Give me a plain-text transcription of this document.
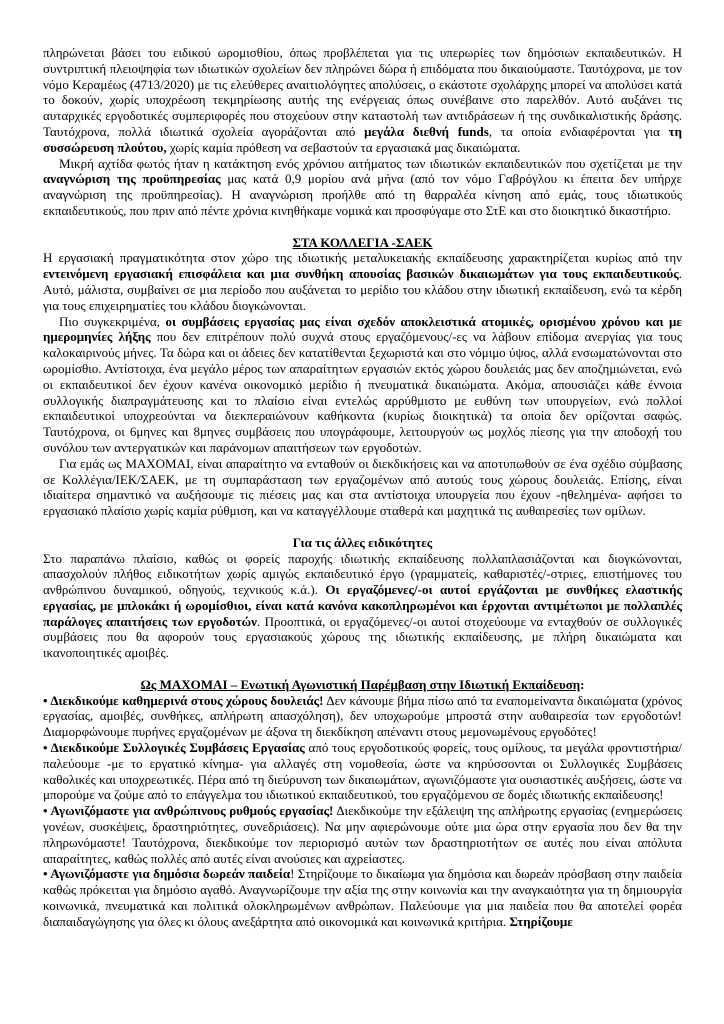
πληρώνεται βάσει του ειδικού ωρομισθίου, όπως προβλέπεται για τις υπερωρίες των δημόσιων εκπαιδευτικών. Η συντριπτική πλειοψηφία των ιδιωτικών σχολείων δεν πληρώνει δώρα ή επιδόματα που δικαιούμαστε. Ταυτόχρονα, με τον νόμο Κεραμέως (4713/2020) με τις ελεύθερες αναιτιολόγητες απολύσεις, ο εκάστοτε σχολάρχης μπορεί να απολύσει κατά το δοκούν, χωρίς υποχρέωση τεκμηρίωσης αυτής της ενέργειας όπως συνέβαινε στο παρελθόν. Αυτό αυξάνει τις αυταρχικές εργοδοτικές συμπεριφορές που στοχεύουν στην καταστολή των αντιδράσεων ή της συνδικαλιστικής δράσης. Ταυτόχρονα, πολλά ιδιωτικά σχολεία αγοράζονται από μεγάλα διεθνή funds, τα οποία ενδιαφέρονται για τη συσσώρευση πλούτου, χωρίς καμία πρόθεση να σεβαστούν τα εργασιακά μας δικαιώματα.
Μικρή αχτίδα φωτός ήταν η κατάκτηση ενός χρόνιου αιτήματος των ιδιωτικών εκπαιδευτικών που σχετίζεται με την αναγνώριση της προϋπηρεσίας μας κατά 0,9 μορίου ανά μήνα (από τον νόμο Γαβρόγλου κι έπειτα δεν υπήρχε αναγνώριση της προϋπηρεσίας). Η αναγνώριση προήλθε από τη θαρραλέα κίνηση από εμάς, τους ιδιωτικούς εκπαιδευτικούς, που πριν από πέντε χρόνια κινηθήκαμε νομικά και προσφύγαμε στο ΣτΕ και στο διοικητικό δικαστήριο.
ΣΤΑ ΚΟΛΛΕΓΙΑ -ΣΑΕΚ
Η εργασιακή πραγματικότητα στον χώρο της ιδιωτικής μεταλυκειακής εκπαίδευσης χαρακτηρίζεται κυρίως από την εντεινόμενη εργασιακή επισφάλεια και μια συνθήκη απουσίας βασικών δικαιωμάτων για τους εκπαιδευτικούς. Αυτό, μάλιστα, συμβαίνει σε μια περίοδο που αυξάνεται το μερίδιο του κλάδου στην ιδιωτική εκπαίδευση, ενώ τα κέρδη για τους επιχειρηματίες του κλάδου διογκώνονται.
Πιο συγκεκριμένα, οι συμβάσεις εργασίας μας είναι σχεδόν αποκλειστικά ατομικές, ορισμένου χρόνου και με ημερομηνίες λήξης που δεν επιτρέπουν πολύ συχνά στους εργαζόμενους/-ες να λάβουν επίδομα ανεργίας για τους καλοκαιρινούς μήνες. Τα δώρα και οι άδειες δεν κατατίθενται ξεχωριστά και στο νόμιμο ύψος, αλλά ενσωματώνονται στο ωρομίσθιο. Αντίστοιχα, ένα μεγάλο μέρος των απαραίτητων εργασιών εκτός χώρου δουλειάς μας δεν αποζημιώνεται, ενώ οι εκπαιδευτικοί δεν έχουν κανένα οικονομικό μερίδιο ή πνευματικά δικαιώματα. Ακόμα, απουσιάζει κάθε έννοια συλλογικής διαπραγμάτευσης και το πλαίσιο είναι εντελώς αρρύθμιστο με ευθύνη των υπουργείων, ενώ πολλοί εκπαιδευτικοί υποχρεούνται να διεκπεραιώνουν καθήκοντα (κυρίως διοικητικά) τα οποία δεν ορίζονται σαφώς. Ταυτόχρονα, οι 6μηνες και 8μηνες συμβάσεις που υπογράφουμε, λειτουργούν ως μοχλός πίεσης για την αποδοχή του συνόλου των αντεργατικών και παράνομων απαιτήσεων των εργοδοτών.
Για εμάς ως ΜΑΧΟΜΑΙ, είναι απαραίτητο να ενταθούν οι διεκδικήσεις και να αποτυπωθούν σε ένα σχέδιο σύμβασης σε Κολλέγια/ΙΕΚ/ΣΑΕΚ, με τη συμπαράσταση των εργαζομένων από αυτούς τους χώρους δουλειάς. Επίσης, είναι ιδιαίτερα σημαντικό να αυξήσουμε τις πιέσεις μας και στα αντίστοιχα υπουργεία που έχουν -ηθελημένα- αφήσει το εργασιακό πλαίσιο χωρίς καμία ρύθμιση, και να καταγγέλλουμε σταθερά και μαχητικά τις αυθαιρεσίες των ομίλων.
Για τις άλλες ειδικότητες
Στο παραπάνω πλαίσιο, καθώς οι φορείς παροχής ιδιωτικής εκπαίδευσης πολλαπλασιάζονται και διογκώνονται, απασχολούν πλήθος ειδικοτήτων χωρίς αμιγώς εκπαιδευτικό έργο (γραμματείς, καθαριστές/-στριες, επιστήμονες του ανθρώπινου δυναμικού, οδηγούς, τεχνικούς κ.ά.). Οι εργαζόμενες/-οι αυτοί εργάζονται με συνθήκες ελαστικής εργασίας, με μπλοκάκι ή ωρομίσθιοι, είναι κατά κανόνα κακοπληρωμένοι και έρχονται αντιμέτωποι με πολλαπλές παράλογες απαιτήσεις των εργοδοτών. Προοπτικά, οι εργαζόμενες/-οι αυτοί στοχεύουμε να ενταχθούν σε συλλογικές συμβάσεις που θα αφορούν τους εργασιακούς χώρους της ιδιωτικής εκπαίδευσης, με πλήρη δικαιώματα και ικανοποιητικές αμοιβές.
Ως ΜΑΧΟΜΑΙ – Ενωτική Αγωνιστική Παρέμβαση στην Ιδιωτική Εκπαίδευση:
• Διεκδικούμε καθημερινά στους χώρους δουλειάς! Δεν κάνουμε βήμα πίσω από τα εναπομείναντα δικαιώματα (χρόνος εργασίας, αμοιβές, συνθήκες, απλήρωτη απασχόληση), δεν υποχωρούμε μπροστά στην αυθαιρεσία των εργοδοτών! Διαμορφώνουμε πυρήνες εργαζομένων με άξονα τη διεκδίκηση απέναντι στους μεμονωμένους εργοδότες!
• Διεκδικούμε Συλλογικές Συμβάσεις Εργασίας από τους εργοδοτικούς φορείς, τους ομίλους, τα μεγάλα φροντιστήρια/παλεύουμε -με το εργατικό κίνημα- για αλλαγές στη νομοθεσία, ώστε να κηρύσσονται οι Συλλογικές Συμβάσεις καθολικές και υποχρεωτικές. Πέρα από τη διεύρυνση των δικαιωμάτων, αγωνιζόμαστε για ουσιαστικές αυξήσεις, ώστε να μπορούμε να ζούμε από το επάγγελμα του ιδιωτικού εκπαιδευτικού, του εργαζόμενου σε δομές ιδιωτικής εκπαίδευσης!
• Αγωνιζόμαστε για ανθρώπινους ρυθμούς εργασίας! Διεκδικούμε την εξάλειψη της απλήρωτης εργασίας (ενημερώσεις γονέων, συσκέψεις, δραστηριότητες, συνεδριάσεις). Να μην αφιερώνουμε ούτε μια ώρα στην εργασία που δεν θα την πληρωνόμαστε! Ταυτόχρονα, διεκδικούμε τον περιορισμό αυτών των δραστηριοτήτων σε αυτές που είναι απόλυτα απαραίτητες, καθώς πολλές από αυτές είναι ανούσιες και αχρείαστες.
• Αγωνιζόμαστε για δημόσια δωρεάν παιδεία! Στηρίζουμε το δικαίωμα για δημόσια και δωρεάν πρόσβαση στην παιδεία καθώς πρόκειται για δημόσιο αγαθό. Αναγνωρίζουμε την αξία της στην κοινωνία και την αναγκαιότητα για τη δημιουργία κοινωνικά, πνευματικά και πολιτικά ολοκληρωμένων ανθρώπων. Παλεύουμε για μια παιδεία που θα αποτελεί φορέα διαπαιδαγώγησης για όλες κι όλους ανεξάρτητα από οικονομικά και κοινωνικά κριτήρια. Στηρίζουμε
